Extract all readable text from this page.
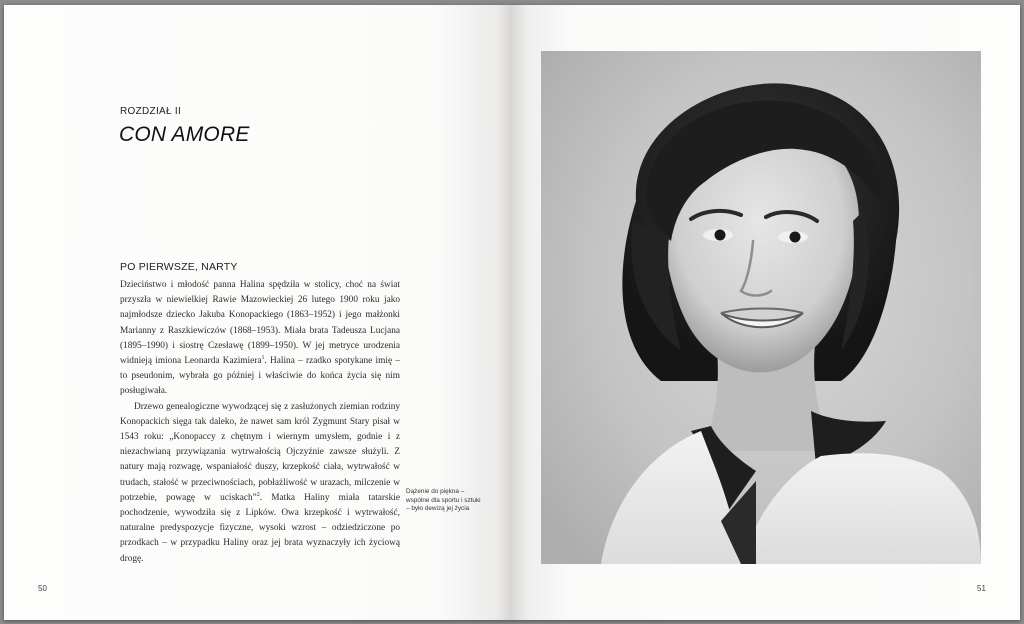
ROZDZIAŁ II
CON AMORE
PO PIERWSZE, NARTY

Dzieciństwo i młodość panna Halina spędziła w stolicy, choć na świat przyszła w niewielkiej Rawie Mazowieckiej 26 lutego 1900 roku jako najmłodsze dziecko Jakuba Konopackiego (1863–1952) i jego małżonki Marianny z Raszkiewiczów (1868–1953). Miała brata Tadeusza Lucjana (1895–1990) i siostrę Czesławę (1899–1950). W jej metryce urodzenia widnieją imiona Leonarda Kazimiera$^1$. Halina – rzadko spotykane imię – to pseudonim, wybrała go później i właściwie do końca życia się nim posługiwała.

Drzewo genealogiczne wywodzącej się z zasłużonych ziemian rodziny Konopackich sięga tak daleko, że nawet sam król Zygmunt Stary pisał w 1543 roku: „Konopaccy z chętnym i wiernym umysłem, godnie i z niezachwianą przywiązania wytrwałością Ojczyźnie zawsze służyli. Z natury mają rozwagę, wspaniałość duszy, krzepkość ciała, wytrwałość w trudach, stałość w przeciwnościach, pobłażliwość w urazach, milczenie w potrzebie, powagę w uciskach”$^2$. Matka Haliny miała tatarskie pochodzenie, wywodziła się z Lipków. Owa krzepkość i wytrwałość, naturalne predyspozycje fizyczne, wysoki wzrost – odziedziczone po przodkach – w przypadku Haliny oraz jej brata wyznaczyły ich życiową drogę.

Dążenie do piękna – wspólne dla sportu i sztuki – było dewizą jej życia
50	51
